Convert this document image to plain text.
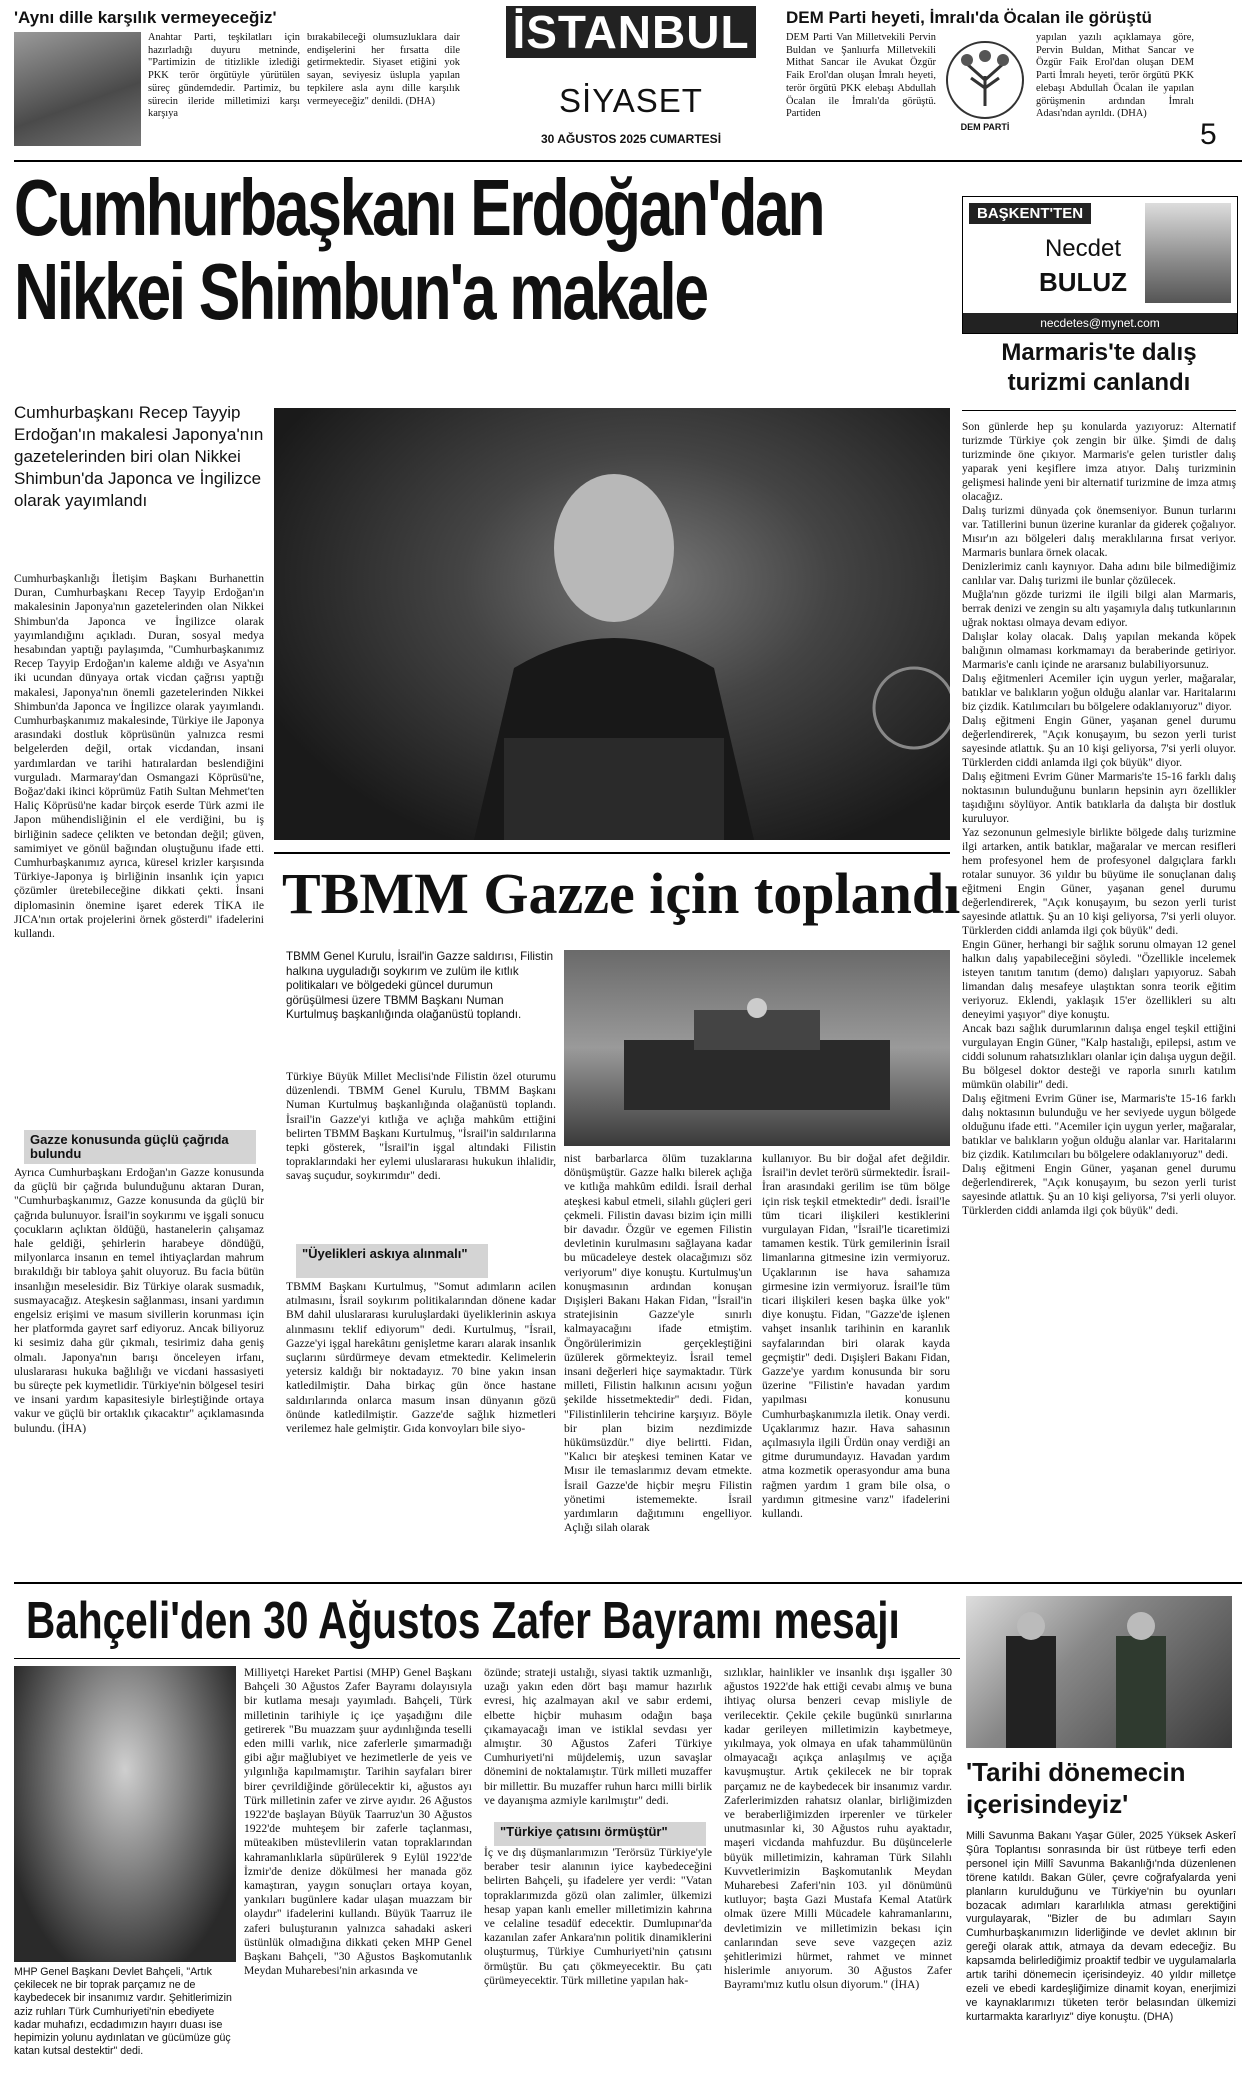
'Aynı dille karşılık vermeyeceğiz'
Anahtar Parti, teşkilatları için hazırladığı duyuru metninde, "Partimizin de titizlikle izlediği PKK terör örgütüyle yürütülen süreç gündemdedir. Partimiz, bu sürecin ileride milletimizi karşı karşıya
bırakabileceği olumsuzluklara dair endişelerini her fırsatta dile getirmektedir. Siyaset etiğini yok sayan, seviyesiz üslupla yapılan tepkilere asla aynı dille karşılık vermeyeceğiz" denildi. (DHA)
İSTANBUL
SİYASET
30 AĞUSTOS 2025 CUMARTESİ
DEM Parti heyeti, İmralı'da Öcalan ile görüştü
DEM Parti Van Milletvekili Pervin Buldan ve Şanlıurfa Milletvekili Mithat Sancar ile Avukat Özgür Faik Erol'dan oluşan İmralı heyeti, terör örgütü PKK elebaşı Abdullah Öcalan ile İmralı'da görüştü. Partiden
DEM PARTİ
yapılan yazılı açıklamaya göre, Pervin Buldan, Mithat Sancar ve Özgür Faik Erol'dan oluşan DEM Parti İmralı heyeti, terör örgütü PKK elebaşı Abdullah Öcalan ile yapılan görüşmenin ardından İmralı Adası'ndan ayrıldı. (DHA)
5
Cumhurbaşkanı Erdoğan'dan
Nikkei Shimbun'a makale
Cumhurbaşkanı Recep Tayyip Erdoğan'ın makalesi Japonya'nın gazetelerinden biri olan Nikkei Shimbun'da Japonca ve İngilizce olarak yayımlandı
Cumhurbaşkanlığı İletişim Başkanı Burhanettin Duran, Cumhurbaşkanı Recep Tayyip Erdoğan'ın makalesinin Japonya'nın gazetelerinden olan Nikkei Shimbun'da Japonca ve İngilizce olarak yayımlandığını açıkladı. Duran, sosyal medya hesabından yaptığı paylaşımda, "Cumhurbaşkanımız Recep Tayyip Erdoğan'ın kaleme aldığı ve Asya'nın iki ucundan dünyaya ortak vicdan çağrısı yaptığı makalesi, Japonya'nın önemli gazetelerinden Nikkei Shimbun'da Japonca ve İngilizce olarak yayımlandı. Cumhurbaşkanımız makalesinde, Türkiye ile Japonya arasındaki dostluk köprüsünün yalnızca resmi belgelerden değil, ortak vicdandan, insani yardımlardan ve tarihi hatıralardan beslendiğini vurguladı. Marmaray'dan Osmangazi Köprüsü'ne, Boğaz'daki ikinci köprümüz Fatih Sultan Mehmet'ten Haliç Köprüsü'ne kadar birçok eserde Türk azmi ile Japon mühendisliğinin el ele verdiğini, bu iş birliğinin sadece çelikten ve betondan değil; güven, samimiyet ve gönül bağından oluştuğunu ifade etti. Cumhurbaşkanımız ayrıca, küresel krizler karşısında Türkiye-Japonya iş birliğinin insanlık için yapıcı çözümler üretebileceğine dikkati çekti. İnsani diplomasinin önemine işaret ederek TİKA ile JICA'nın ortak projelerini örnek gösterdi" ifadelerini kullandı.
Gazze konusunda güçlü çağrıda bulundu
Ayrıca Cumhurbaşkanı Erdoğan'ın Gazze konusunda da güçlü bir çağrıda bulunduğunu aktaran Duran, "Cumhurbaşkanımız, Gazze konusunda da güçlü bir çağrıda bulunuyor. İsrail'in soykırımı ve işgali sonucu çocukların açlıktan öldüğü, hastanelerin çalışamaz hale geldiği, şehirlerin harabeye döndüğü, milyonlarca insanın en temel ihtiyaçlardan mahrum bırakıldığı bir tabloya şahit oluyoruz. Bu facia bütün insanlığın meselesidir. Biz Türkiye olarak susmadık, susmayacağız. Ateşkesin sağlanması, insani yardımın engelsiz erişimi ve masum sivillerin korunması için her platformda gayret sarf ediyoruz. Ancak biliyoruz ki sesimiz daha gür çıkmalı, tesirimiz daha geniş olmalı. Japonya'nın barışı önceleyen irfanı, uluslararası hukuka bağlılığı ve vicdani hassasiyeti bu süreçte pek kıymetlidir. Türkiye'nin bölgesel tesiri ve insani yardım kapasitesiyle birleştiğinde ortaya vakur ve güçlü bir ortaklık çıkacaktır" açıklamasında bulundu. (İHA)
TBMM Gazze için toplandı
TBMM Genel Kurulu, İsrail'in Gazze saldırısı, Filistin halkına uyguladığı soykırım ve zulüm ile kıtlık politikaları ve bölgedeki güncel durumun görüşülmesi üzere TBMM Başkanı Numan Kurtulmuş başkanlığında olağanüstü toplandı.
Türkiye Büyük Millet Meclisi'nde Filistin özel oturumu düzenlendi. TBMM Genel Kurulu, TBMM Başkanı Numan Kurtulmuş başkanlığında olağanüstü toplandı. İsrail'in Gazze'yi kıtlığa ve açlığa mahkûm ettiğini belirten TBMM Başkanı Kurtulmuş, "İsrail'in saldırılarına tepki gösterek, "İsrail'in işgal altındaki Filistin topraklarındaki her eylemi uluslararası hukukun ihlalidir, savaş suçudur, soykırımdır" dedi.
"Üyelikleri askıya alınmalı"
TBMM Başkanı Kurtulmuş, "Somut adımların acilen atılmasını, İsrail soykırım politikalarından dönene kadar BM dahil uluslararası kuruluşlardaki üyeliklerinin askıya alınmasını teklif ediyorum" dedi. Kurtulmuş, "İsrail, Gazze'yi işgal harekâtını genişletme kararı alarak insanlık suçlarını sürdürmeye devam etmektedir. Kelimelerin yetersiz kaldığı bir noktadayız. 70 bine yakın insan katledilmiştir. Daha birkaç gün önce hastane saldırılarında onlarca masum insan dünyanın gözü önünde katledilmiştir. Gazze'de sağlık hizmetleri verilemez hale gelmiştir. Gıda konvoyları bile siyo-
nist barbarlarca ölüm tuzaklarına dönüşmüştür. Gazze halkı bilerek açlığa ve kıtlığa mahkûm edildi. İsrail derhal ateşkesi kabul etmeli, silahlı güçleri geri çekmeli. Filistin davası bizim için milli bir davadır. Özgür ve egemen Filistin devletinin kurulmasını sağlayana kadar bu mücadeleye destek olacağımızı söz veriyorum" diye konuştu. Kurtulmuş'un konuşmasının ardından konuşan Dışişleri Bakanı Hakan Fidan, "İsrail'in stratejisinin Gazze'yle sınırlı kalmayacağını ifade etmiştim. Öngörülerimizin gerçekleştiğini üzülerek görmekteyiz. İsrail temel insani değerleri hiçe saymaktadır. Türk milleti, Filistin halkının acısını yoğun şekilde hissetmektedir" dedi. Fidan, "Filistinlilerin tehcirine karşıyız. Böyle bir plan bizim nezdimizde hükümsüzdür." diye belirtti. Fidan, "Kalıcı bir ateşkesi teminen Katar ve Mısır ile temaslarımız devam etmekte. İsrail Gazze'de hiçbir meşru Filistin yönetimi istememekte. İsrail yardımların dağıtımını engelliyor. Açlığı silah olarak
kullanıyor. Bu bir doğal afet değildir. İsrail'in devlet terörü sürmektedir. İsrail-İran arasındaki gerilim ise tüm bölge için risk teşkil etmektedir" dedi. İsrail'le tüm ticari ilişkileri kestiklerini vurgulayan Fidan, "İsrail'le ticaretimizi tamamen kestik. Türk gemilerinin İsrail limanlarına gitmesine izin vermiyoruz. Uçaklarının ise hava sahamıza girmesine izin vermiyoruz. İsrail'le tüm ticari ilişkileri kesen başka ülke yok" diye konuştu. Fidan, "Gazze'de işlenen vahşet insanlık tarihinin en karanlık sayfalarından biri olarak kayda geçmiştir" dedi. Dışişleri Bakanı Fidan, Gazze'ye yardım konusunda bir soru üzerine "Filistin'e havadan yardım yapılması konusunu Cumhurbaşkanımızla iletik. Onay verdi. Uçaklarımız hazır. Hava sahasının açılmasıyla ilgili Ürdün onay verdiği an gitme durumundayız. Havadan yardım atma kozmetik operasyondur ama buna rağmen yardım 1 gram bile olsa, o yardımın gitmesine varız" ifadelerini kullandı.
BAŞKENT'TEN
Necdet
BULUZ
necdetes@mynet.com
Marmaris'te dalış turizmi canlandı
Son günlerde hep şu konularda yazıyoruz: Alternatif turizmde Türkiye çok zengin bir ülke. Şimdi de dalış turizminde öne çıkıyor. Marmaris'e gelen turistler dalış yaparak yeni keşiflere imza atıyor. Dalış turizminin gelişmesi halinde yeni bir alternatif turizmine de imza atmış olacağız.
Dalış turizmi dünyada çok önemseniyor. Bunun turlarını var. Tatillerini bunun üzerine kuranlar da giderek çoğalıyor. Mısır'ın azı bölgeleri dalış meraklılarına fırsat veriyor. Marmaris bunlara örnek olacak.
Denizlerimiz canlı kaynıyor. Daha adını bile bilmediğimiz canlılar var. Dalış turizmi ile bunlar çözülecek.
Muğla'nın gözde turizmi ile ilgili bilgi alan Marmaris, berrak denizi ve zengin su altı yaşamıyla dalış tutkunlarının uğrak noktası olmaya devam ediyor.
Dalışlar kolay olacak. Dalış yapılan mekanda köpek balığının olmaması korkmamayı da beraberinde getiriyor. Marmaris'e canlı içinde ne ararsanız bulabiliyorsunuz.
Dalış eğitmenleri Acemiler için uygun yerler, mağaralar, batıklar ve balıkların yoğun olduğu alanlar var. Haritalarını biz çizdik. Katılımcıları bu bölgelere odaklanıyoruz" diyor.
Dalış eğitmeni Engin Güner, yaşanan genel durumu değerlendirerek, "Açık konuşayım, bu sezon yerli turist sayesinde atlattık. Şu an 10 kişi geliyorsa, 7'si yerli oluyor. Türklerden ciddi anlamda ilgi çok büyük" diyor.
Dalış eğitmeni Evrim Güner Marmaris'te 15-16 farklı dalış noktasının bulunduğunu bunların hepsinin ayrı özellikler taşıdığını söylüyor. Antik batıklarla da dalışta bir dostluk kuruluyor.
Yaz sezonunun gelmesiyle birlikte bölgede dalış turizmine ilgi artarken, antik batıklar, mağaralar ve mercan resifleri hem profesyonel hem de profesyonel dalgıçlara farklı rotalar sunuyor. 36 yıldır bu büyüme ile sonuçlanan dalış eğitmeni Engin Güner, yaşanan genel durumu değerlendirerek, "Açık konuşayım, bu sezon yerli turist sayesinde atlattık. Şu an 10 kişi geliyorsa, 7'si yerli oluyor. Türklerden ciddi anlamda ilgi çok büyük" dedi.
Engin Güner, herhangi bir sağlık sorunu olmayan 12 genel halkın dalış yapabileceğini söyledi. "Özellikle incelemek isteyen tanıtım tanıtım (demo) dalışları yapıyoruz. Sabah limandan dalış mesafeye ulaştıktan sonra teorik eğitim veriyoruz. Eklendi, yaklaşık 15'er özellikleri su altı deneyimi yaşıyor" diye konuştu.
Ancak bazı sağlık durumlarının dalışa engel teşkil ettiğini vurgulayan Engin Güner, "Kalp hastalığı, epilepsi, astım ve ciddi solunum rahatsızlıkları olanlar için dalışa uygun değil. Bu bölgesel doktor desteği ve raporla sınırlı katılım mümkün olabilir" dedi.
Dalış eğitmeni Evrim Güner ise, Marmaris'te 15-16 farklı dalış noktasının bulunduğu ve her seviyede uygun bölgede olduğunu ifade etti. "Acemiler için uygun yerler, mağaralar, batıklar ve balıkların yoğun olduğu alanlar var. Haritalarını biz çizdik. Katılımcıları bu bölgelere odaklanıyoruz" dedi.
Dalış eğitmeni Engin Güner, yaşanan genel durumu değerlendirerek, "Açık konuşayım, bu sezon yerli turist sayesinde atlattık. Şu an 10 kişi geliyorsa, 7'si yerli oluyor. Türklerden ciddi anlamda ilgi çok büyük" dedi.
Bahçeli'den 30 Ağustos Zafer Bayramı mesajı
MHP Genel Başkanı Devlet Bahçeli, "Artık çekilecek ne bir toprak parçamız ne de kaybedecek bir insanımız vardır. Şehitlerimizin aziz ruhları Türk Cumhuriyeti'nin ebediyete kadar muhafızı, ecdadımızın hayırı duası ise hepimizin yolunu aydınlatan ve gücümüze güç katan kutsal destektir" dedi.
Milliyetçi Hareket Partisi (MHP) Genel Başkanı Bahçeli 30 Ağustos Zafer Bayramı dolayısıyla bir kutlama mesajı yayımladı. Bahçeli, Türk milletinin tarihiyle iç içe yaşadığını dile getirerek "Bu muazzam şuur aydınlığında teselli eden milli varlık, nice zaferlerle şımarmadığı gibi ağır mağlubiyet ve hezimetlerle de yeis ve yılgınlığa kapılmamıştır. Tarihin sayfaları birer birer çevrildiğinde görülecektir ki, ağustos ayı Türk milletinin zafer ve zirve ayıdır. 26 Ağustos 1922'de başlayan Büyük Taarruz'un 30 Ağustos 1922'de muhteşem bir zaferle taçlanması, müteakiben müstevlilerin vatan topraklarından kahramanlıklarla süpürülerek 9 Eylül 1922'de İzmir'de denize dökülmesi her manada göz kamaştıran, yaygın sonuçları ortaya koyan, yankıları bugünlere kadar ulaşan muazzam bir olaydır" ifadelerini kullandı. Büyük Taarruz ile zaferi buluşturanın yalnızca sahadaki askeri üstünlük olmadığına dikkati çeken MHP Genel Başkanı Bahçeli, "30 Ağustos Başkomutanlık Meydan Muharebesi'nin arkasında ve
özünde; strateji ustalığı, siyasi taktik uzmanlığı, uzağı yakın eden dört başı mamur hazırlık evresi, hiç azalmayan akıl ve sabır erdemi, elbette hiçbir muhasım odağın başa çıkamayacağı iman ve istiklal sevdası yer almıştır. 30 Ağustos Zaferi Türkiye Cumhuriyeti'ni müjdelemiş, uzun savaşlar dönemini de noktalamıştır. Türk milleti muzaffer bir millettir. Bu muzaffer ruhun harcı milli birlik ve dayanışma azmiyle karılmıştır" dedi.
"Türkiye çatısını örmüştür"
İç ve dış düşmanlarımızın 'Terörsüz Türkiye'yle beraber tesir alanının iyice kaybedeceğini belirten Bahçeli, şu ifadelere yer verdi: "Vatan topraklarımızda gözü olan zalimler, ülkemizi hesap yapan kanlı emeller milletimizin kahrına ve celaline tesadüf edecektir. Dumlupınar'da kazanılan zafer Ankara'nın politik dinamiklerini oluşturmuş, Türkiye Cumhuriyeti'nin çatısını örmüştür. Bu çatı çökmeyecektir. Bu çatı çürümeyecektir. Türk milletine yapılan hak-
sızlıklar, hainlikler ve insanlık dışı işgaller 30 ağustos 1922'de hak ettiği cevabı almış ve buna ihtiyaç olursa benzeri cevap misliyle de verilecektir. Çekile çekile bugünkü sınırlarına kadar gerileyen milletimizin kaybetmeye, yıkılmaya, yok olmaya en ufak tahammülünün olmayacağı açıkça anlaşılmış ve açığa kavuşmuştur. Artık çekilecek ne bir toprak parçamız ne de kaybedecek bir insanımız vardır. Zaferlerimizden rahatsız olanlar, birliğimizden ve beraberliğimizden irperenler ve türkeler unutmasınlar ki, 30 Ağustos ruhu ayaktadır, maşeri vicdanda mahfuzdur. Bu düşüncelerle büyük milletimizin, kahraman Türk Silahlı Kuvvetlerimizin Başkomutanlık Meydan Muharebesi Zaferi'nin 103. yıl dönümünü kutluyor; başta Gazi Mustafa Kemal Atatürk olmak üzere Milli Mücadele kahramanlarını, devletimizin ve milletimizin bekası için canlarından seve seve vazgeçen aziz şehitlerimizi hürmet, rahmet ve minnet hislerimle anıyorum. 30 Ağustos Zafer Bayramı'mız kutlu olsun diyorum." (İHA)
'Tarihi dönemecin içerisindeyiz'
Milli Savunma Bakanı Yaşar Güler, 2025 Yüksek Askerî Şûra Toplantısı sonrasında bir üst rütbeye terfi eden personel için Millî Savunma Bakanlığı'nda düzenlenen törene katıldı. Bakan Güler, çevre coğrafyalarda yeni planların kurulduğunu ve Türkiye'nin bu oyunları bozacak adımları kararlılıkla atması gerektiğini vurgulayarak, "Bizler de bu adımları Sayın Cumhurbaşkanımızın liderliğinde ve devlet aklının bir gereği olarak attık, atmaya da devam edeceğiz. Bu kapsamda belirlediğimiz proaktif tedbir ve uygulamalarla artık tarihi dönemecin içerisindeyiz. 40 yıldır milletçe ezeli ve ebedi kardeşliğimize dinamit koyan, enerjimizi ve kaynaklarımızı tüketen terör belasından ülkemizi kurtarmakta kararlıyız" diye konuştu. (DHA)
